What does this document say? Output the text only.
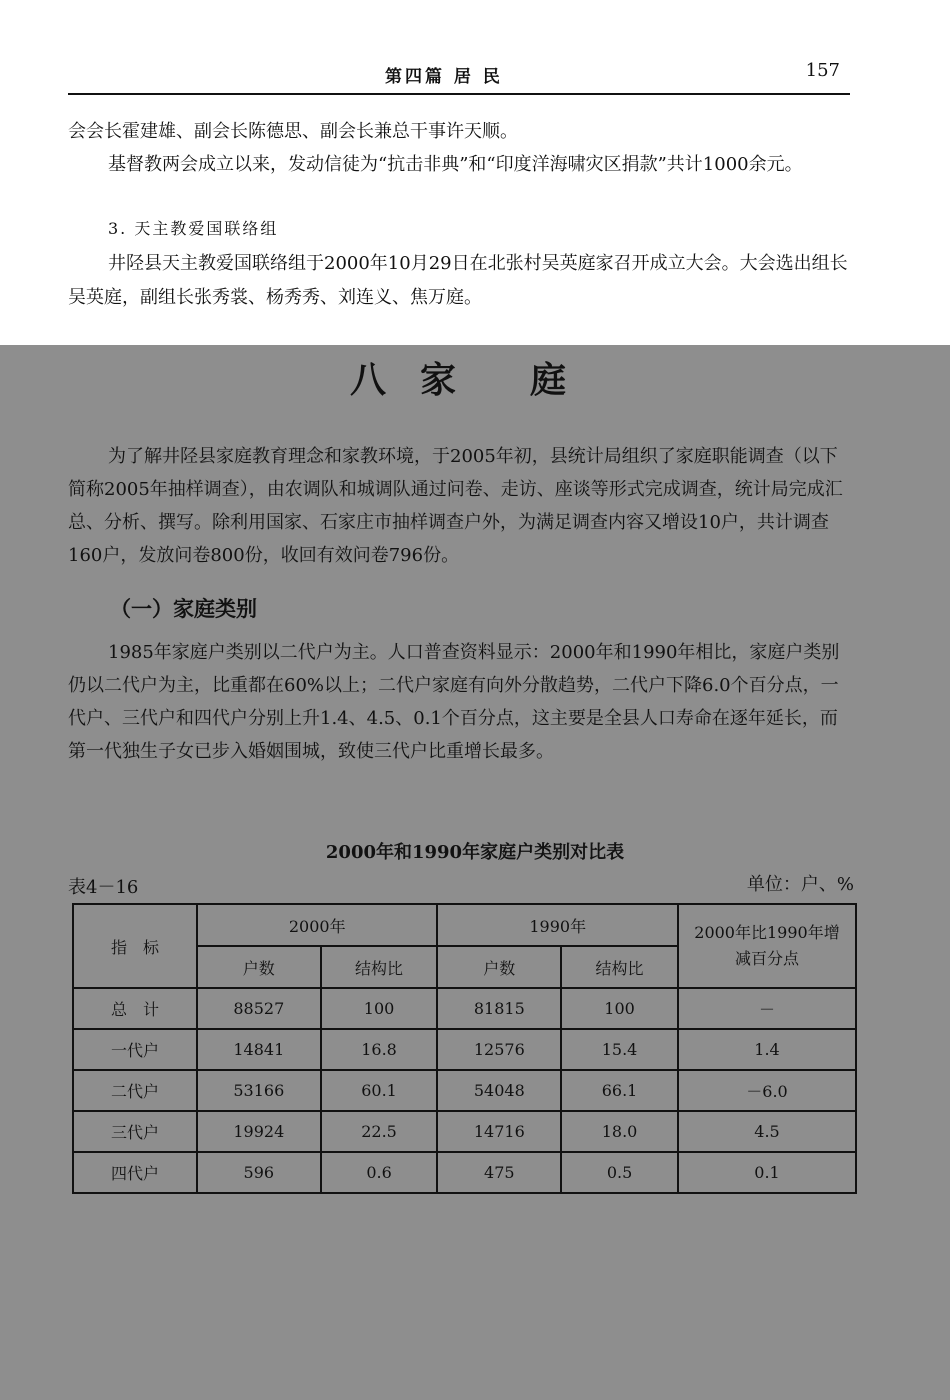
第四篇 居 民	157

会会长霍建雄、副会长陈德思、副会长兼总干事许天顺。

基督教两会成立以来，发动信徒为“抗击非典”和“印度洋海啸灾区捐款”共计1000余元。

3. 天主教爱国联络组

井陉县天主教爱国联络组于2000年10月29日在北张村吴英庭家召开成立大会。大会选出组长吴英庭，副组长张秀裳、杨秀秀、刘连义、焦万庭。

八家 庭

为了解井陉县家庭教育理念和家教环境，于2005年初，县统计局组织了家庭职能调查（以下简称2005年抽样调查），由农调队和城调队通过问卷、走访、座谈等形式完成调查，统计局完成汇总、分析、撰写。除利用国家、石家庄市抽样调查户外，为满足调查内容又增设10户，共计调查160户，发放问卷800份，收回有效问卷796份。

（一）家庭类别

1985年家庭户类别以二代户为主。人口普查资料显示：2000年和1990年相比，家庭户类别仍以二代户为主，比重都在60%以上；二代户家庭有向外分散趋势，二代户下降6.0个百分点，一代户、三代户和四代户分别上升1.4、4.5、0.1个百分点，这主要是全县人口寿命在逐年延长，而第一代独生子女已步入婚姻围城，致使三代户比重增长最多。

2000年和1990年家庭户类别对比表

表4－16	单位：户、%
指　标	2000年		1990年		2000年比1990年增减百分点
	户数	结构比	户数	结构比	
总　计	88527	100	81815	100	－
一代户	14841	16.8	12576	15.4	1.4
二代户	53166	60.1	54048	66.1	－6.0
三代户	19924	22.5	14716	18.0	4.5
四代户	596	0.6	475	0.5	0.1
